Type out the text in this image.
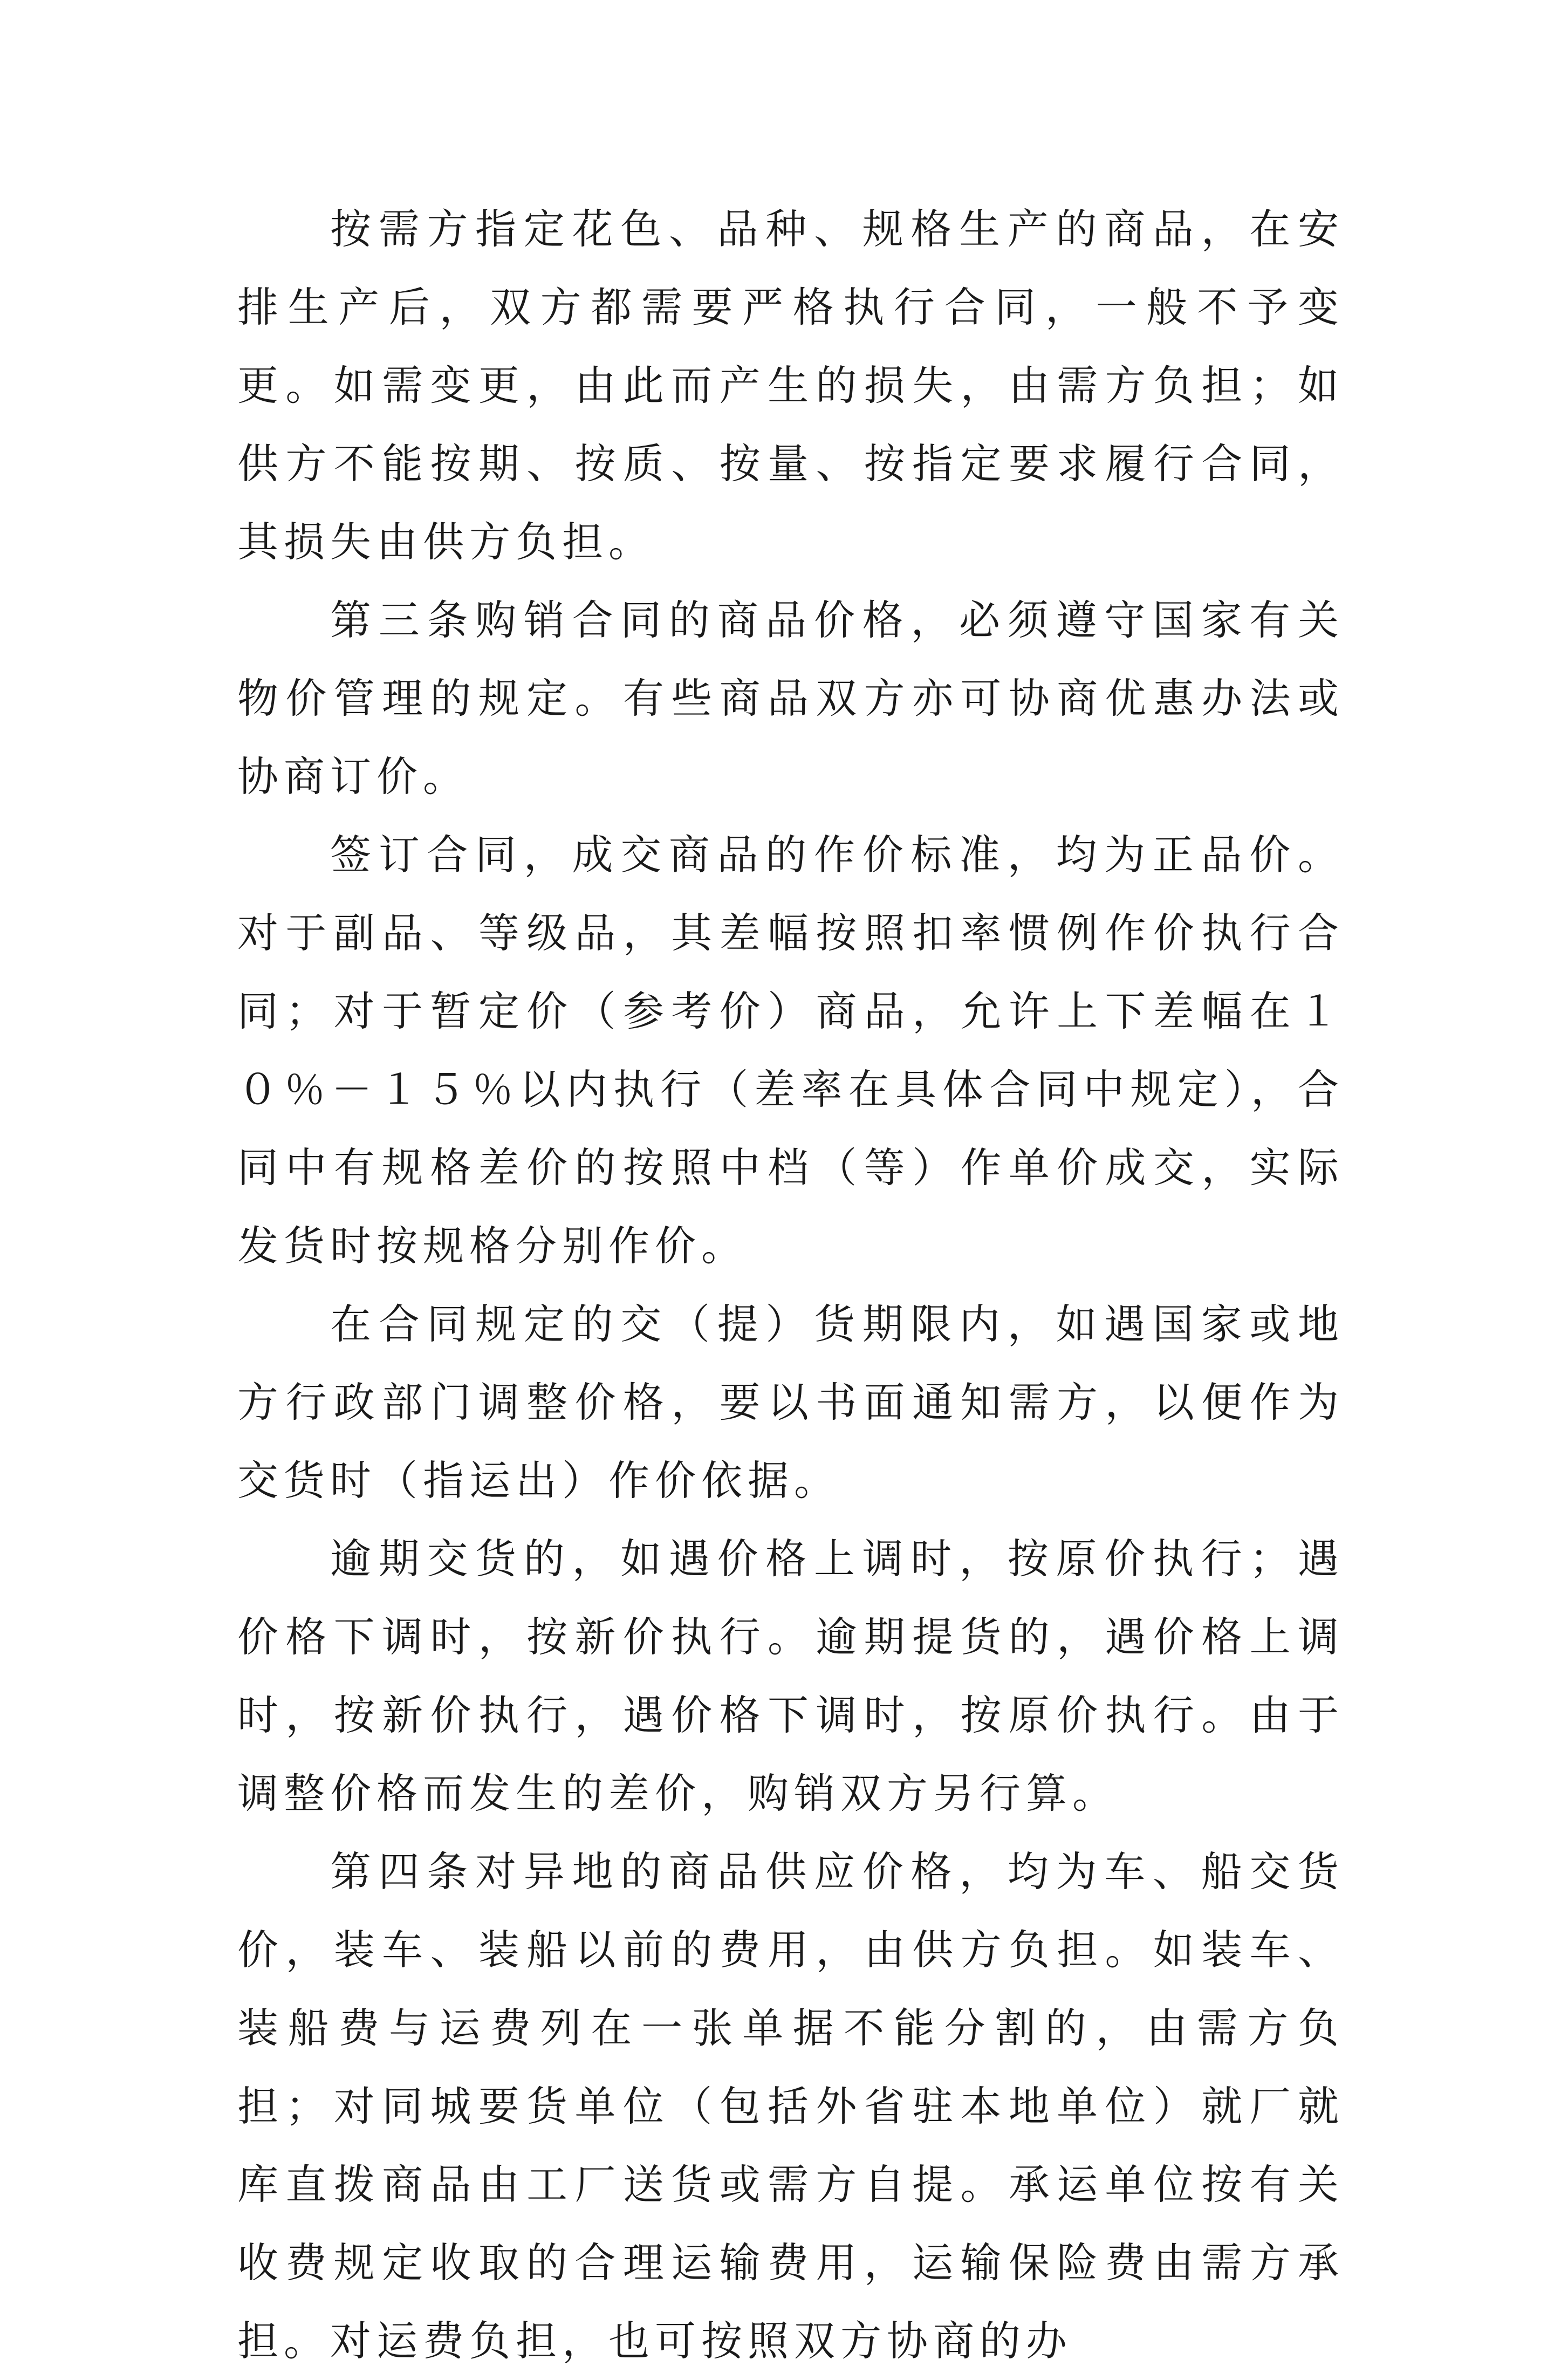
按需方指定花色、品种、规格生产的商品，在安排生产后，双方都需要严格执行合同，一般不予变更。如需变更，由此而产生的损失，由需方负担；如供方不能按期、按质、按量、按指定要求履行合同，其损失由供方负担。

第三条购销合同的商品价格，必须遵守国家有关物价管理的规定。有些商品双方亦可协商优惠办法或协商订价。

签订合同，成交商品的作价标准，均为正品价。对于副品、等级品，其差幅按照扣率惯例作价执行合同；对于暂定价（参考价）商品，允许上下差幅在１０％－１５％以内执行（差率在具体合同中规定），合同中有规格差价的按照中档（等）作单价成交，实际发货时按规格分别作价。

在合同规定的交（提）货期限内，如遇国家或地方行政部门调整价格，要以书面通知需方，以便作为交货时（指运出）作价依据。

逾期交货的，如遇价格上调时，按原价执行；遇价格下调时，按新价执行。逾期提货的，遇价格上调时，按新价执行，遇价格下调时，按原价执行。由于调整价格而发生的差价，购销双方另行算。

第四条对异地的商品供应价格，均为车、船交货价，装车、装船以前的费用，由供方负担。如装车、装船费与运费列在一张单据不能分割的，由需方负担；对同城要货单位（包括外省驻本地单位）就厂就库直拨商品由工厂送货或需方自提。承运单位按有关收费规定收取的合理运输费用，运输保险费由需方承担。对运费负担，也可按照双方协商的办
